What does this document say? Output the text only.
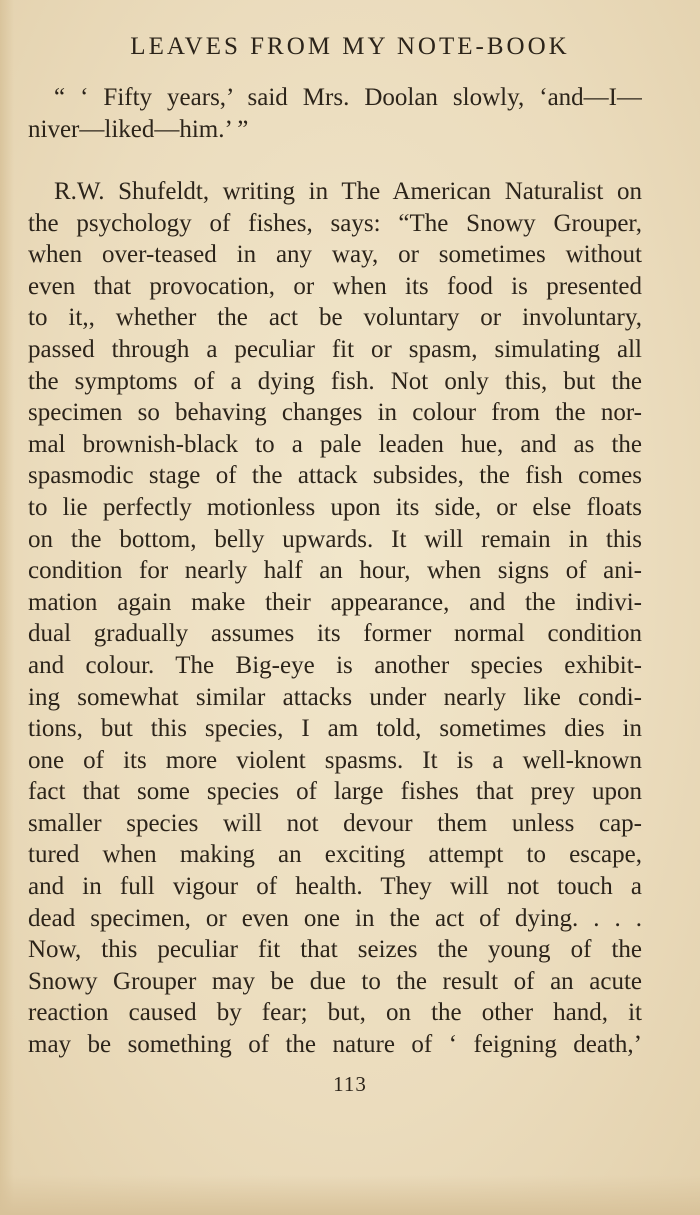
LEAVES FROM MY NOTE-BOOK
“ ‘ Fifty years,’ said Mrs. Doolan slowly, ‘and—I—
niver—liked—him.’ ”
R.W. Shufeldt, writing in The American Naturalist on
the psychology of fishes, says: “The Snowy Grouper,
when over-teased in any way, or sometimes without
even that provocation, or when its food is presented
to it,, whether the act be voluntary or involuntary,
passed through a peculiar fit or spasm, simulating all
the symptoms of a dying fish. Not only this, but the
specimen so behaving changes in colour from the nor-
mal brownish-black to a pale leaden hue, and as the
spasmodic stage of the attack subsides, the fish comes
to lie perfectly motionless upon its side, or else floats
on the bottom, belly upwards. It will remain in this
condition for nearly half an hour, when signs of ani-
mation again make their appearance, and the indivi-
dual gradually assumes its former normal condition
and colour. The Big-eye is another species exhibit-
ing somewhat similar attacks under nearly like condi-
tions, but this species, I am told, sometimes dies in
one of its more violent spasms. It is a well-known
fact that some species of large fishes that prey upon
smaller species will not devour them unless cap-
tured when making an exciting attempt to escape,
and in full vigour of health. They will not touch a
dead specimen, or even one in the act of dying. . . .
Now, this peculiar fit that seizes the young of the
Snowy Grouper may be due to the result of an acute
reaction caused by fear; but, on the other hand, it
may be something of the nature of ‘ feigning death,’
113
